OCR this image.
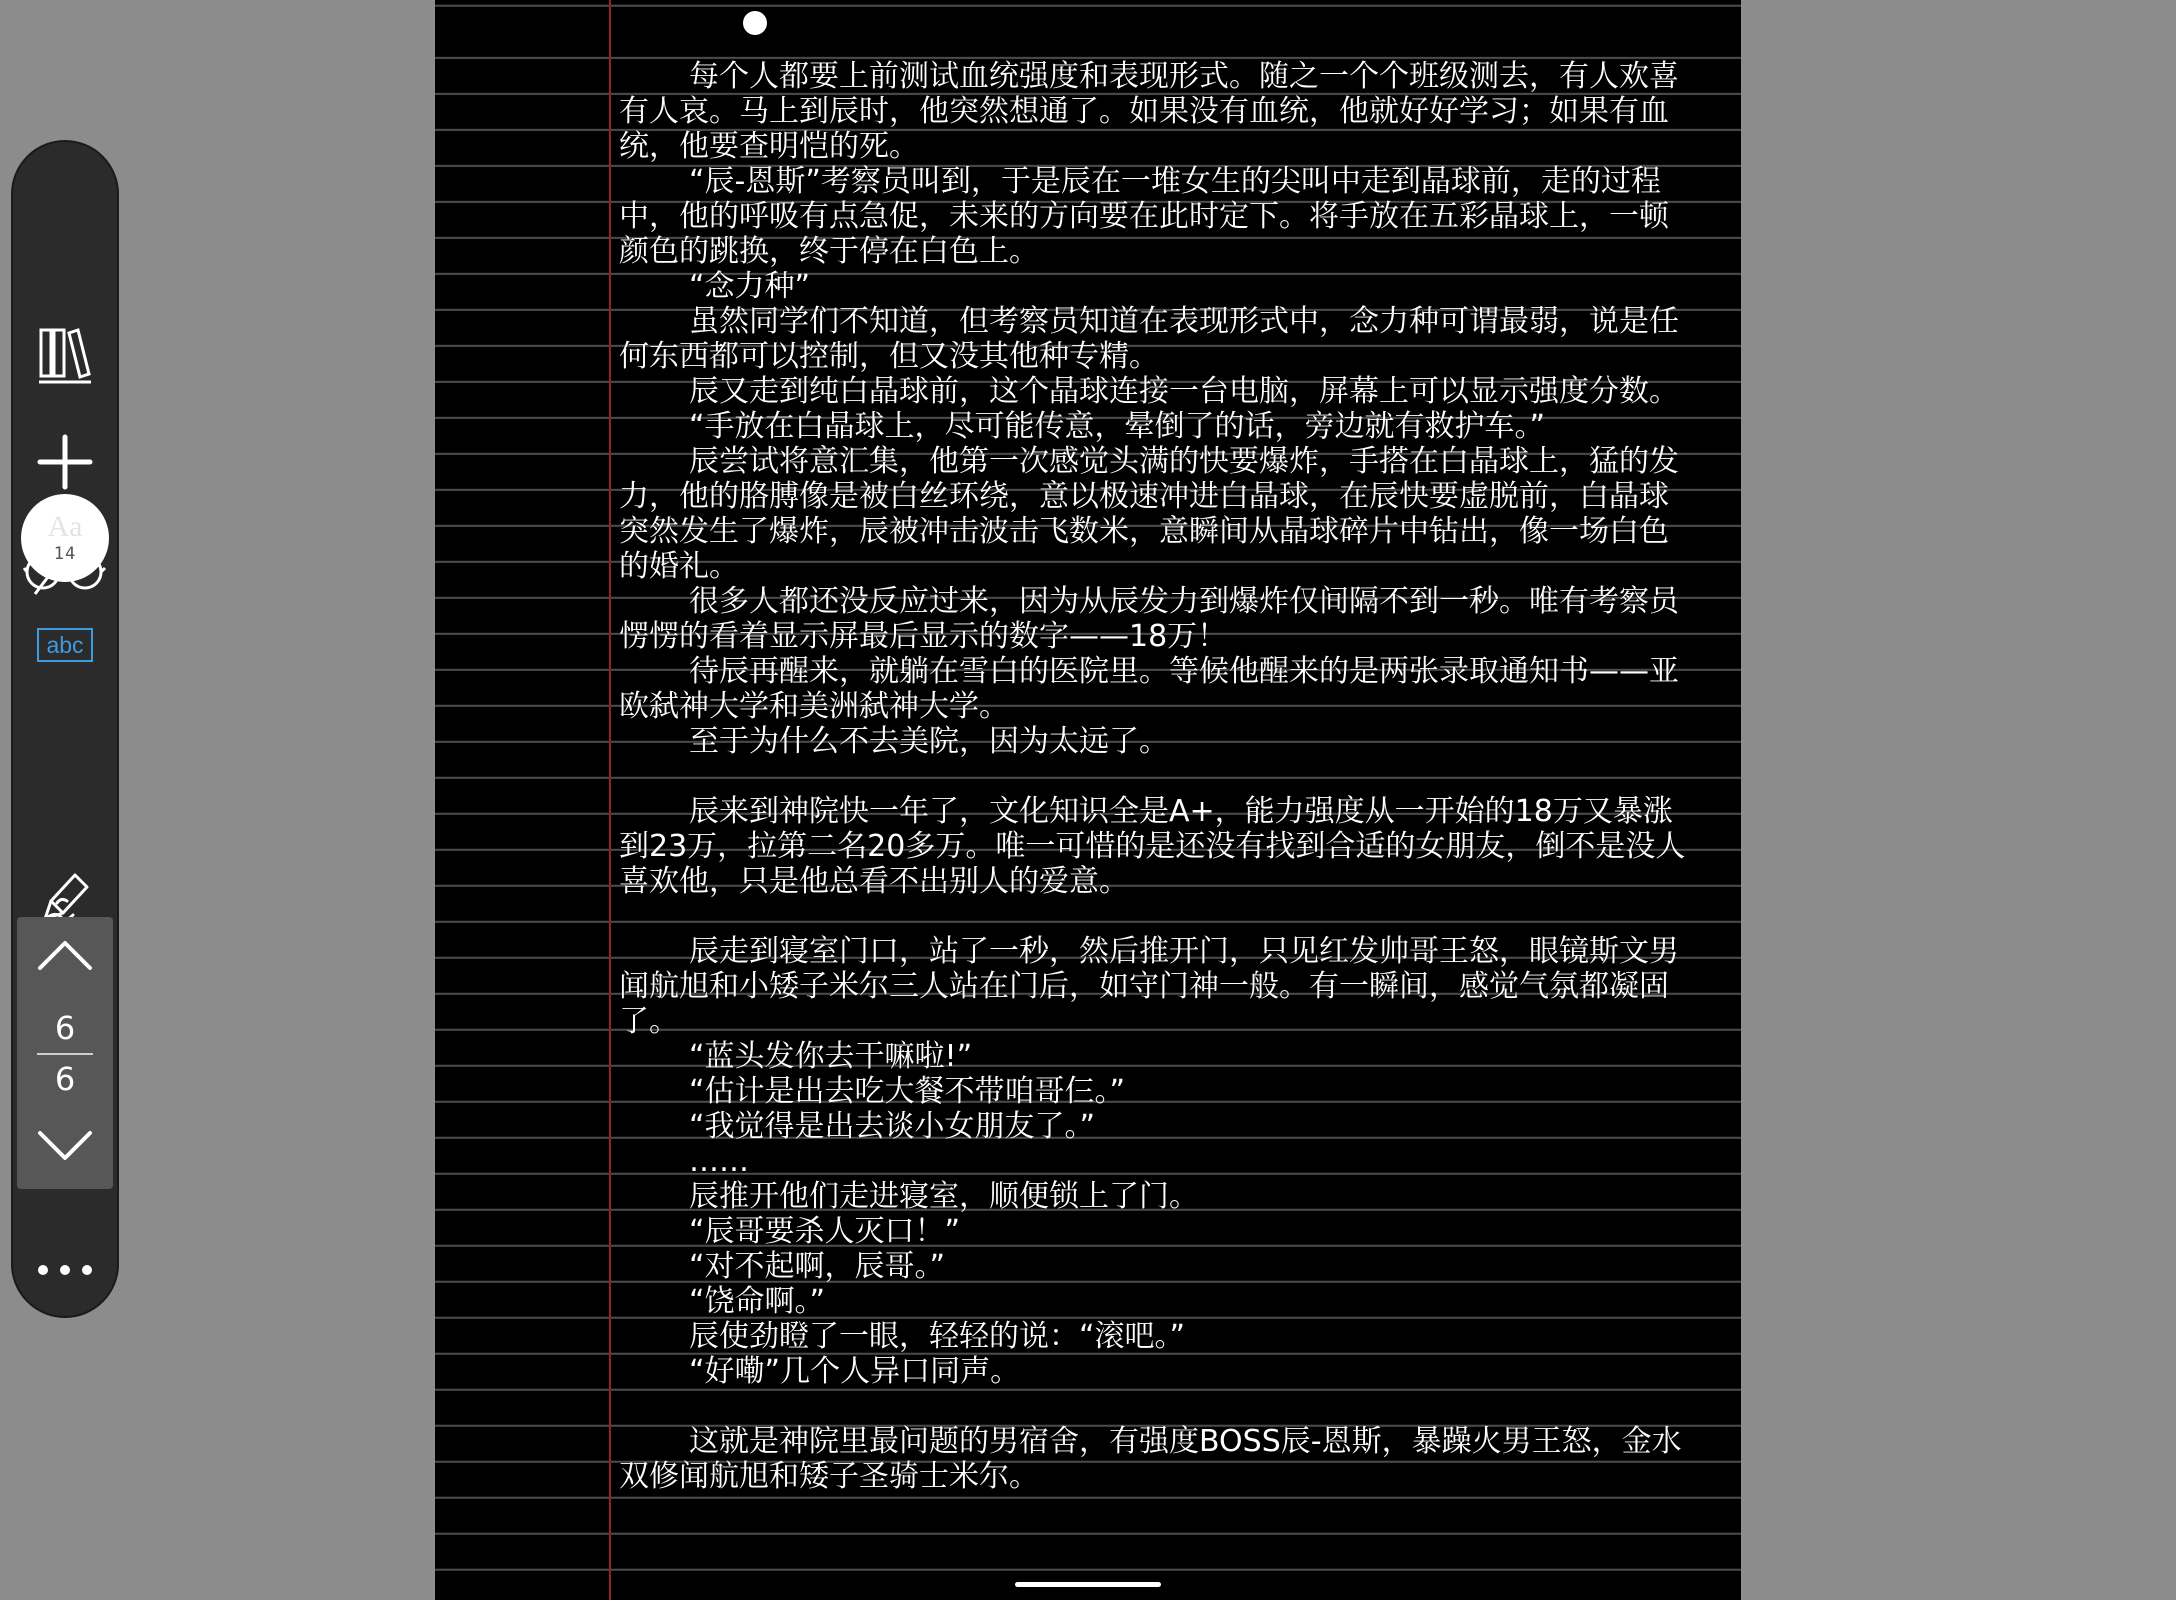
Aa
14
abc
6
6

每个人都要上前测试血统强度和表现形式。随之一个个班级测去，有人欢喜有人哀。马上到辰时，他突然想通了。如果没有血统，他就好好学习；如果有血统，他要查明恺的死。

“辰-恩斯”考察员叫到，于是辰在一堆女生的尖叫中走到晶球前，走的过程中，他的呼吸有点急促，未来的方向要在此时定下。将手放在五彩晶球上，一顿颜色的跳换，终于停在白色上。

“念力种”

虽然同学们不知道，但考察员知道在表现形式中，念力种可谓最弱，说是任何东西都可以控制，但又没其他种专精。

辰又走到纯白晶球前，这个晶球连接一台电脑，屏幕上可以显示强度分数。

“手放在白晶球上，尽可能传意，晕倒了的话，旁边就有救护车。”

辰尝试将意汇集，他第一次感觉头满的快要爆炸，手搭在白晶球上，猛的发力，他的胳膊像是被白丝环绕，意以极速冲进白晶球，在辰快要虚脱前，白晶球突然发生了爆炸，辰被冲击波击飞数米，意瞬间从晶球碎片中钻出，像一场白色的婚礼。

很多人都还没反应过来，因为从辰发力到爆炸仅间隔不到一秒。唯有考察员愣愣的看着显示屏最后显示的数字——18万！

待辰再醒来，就躺在雪白的医院里。等候他醒来的是两张录取通知书——亚欧弑神大学和美洲弑神大学。

至于为什么不去美院，因为太远了。

辰来到神院快一年了，文化知识全是A+，能力强度从一开始的18万又暴涨到23万，拉第二名20多万。唯一可惜的是还没有找到合适的女朋友，倒不是没人喜欢他，只是他总看不出别人的爱意。

辰走到寝室门口，站了一秒，然后推开门，只见红发帅哥王怒，眼镜斯文男闻航旭和小矮子米尔三人站在门后，如守门神一般。有一瞬间，感觉气氛都凝固了。

“蓝头发你去干嘛啦!”

“估计是出去吃大餐不带咱哥仨。”

“我觉得是出去谈小女朋友了。”

……

辰推开他们走进寝室，顺便锁上了门。

“辰哥要杀人灭口！”

“对不起啊，辰哥。”

“饶命啊。”

辰使劲瞪了一眼，轻轻的说：“滚吧。”

“好嘞”几个人异口同声。

这就是神院里最问题的男宿舍，有强度BOSS辰-恩斯，暴躁火男王怒，金水双修闻航旭和矮子圣骑士米尔。
